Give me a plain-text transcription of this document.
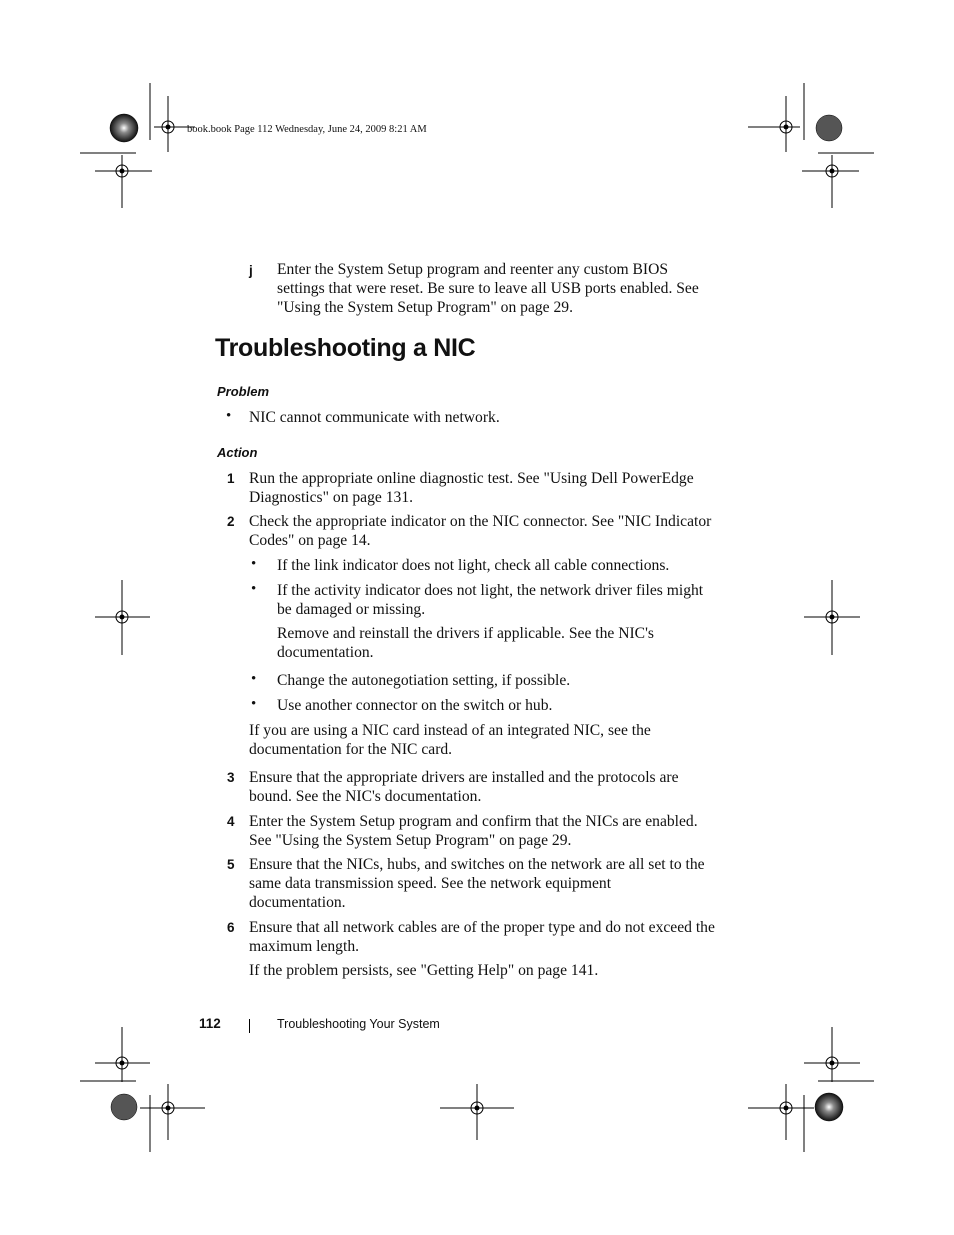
book.book Page 112 Wednesday, June 24, 2009 8:21 AM
j Enter the System Setup program and reenter any custom BIOS
settings that were reset. Be sure to leave all USB ports enabled. See
"Using the System Setup Program" on page 29.
Troubleshooting a NIC
Problem
• NIC cannot communicate with network.
Action
1 Run the appropriate online diagnostic test. See "Using Dell PowerEdge
Diagnostics" on page 131.
2 Check the appropriate indicator on the NIC connector. See "NIC Indicator
Codes" on page 14.
• If the link indicator does not light, check all cable connections.
• If the activity indicator does not light, the network driver files might
be damaged or missing.
Remove and reinstall the drivers if applicable. See the NIC's
documentation.
• Change the autonegotiation setting, if possible.
• Use another connector on the switch or hub.
If you are using a NIC card instead of an integrated NIC, see the
documentation for the NIC card.
3 Ensure that the appropriate drivers are installed and the protocols are
bound. See the NIC's documentation.
4 Enter the System Setup program and confirm that the NICs are enabled.
See "Using the System Setup Program" on page 29.
5 Ensure that the NICs, hubs, and switches on the network are all set to the
same data transmission speed. See the network equipment
documentation.
6 Ensure that all network cables are of the proper type and do not exceed the
maximum length.
If the problem persists, see "Getting Help" on page 141.
112	Troubleshooting Your System
